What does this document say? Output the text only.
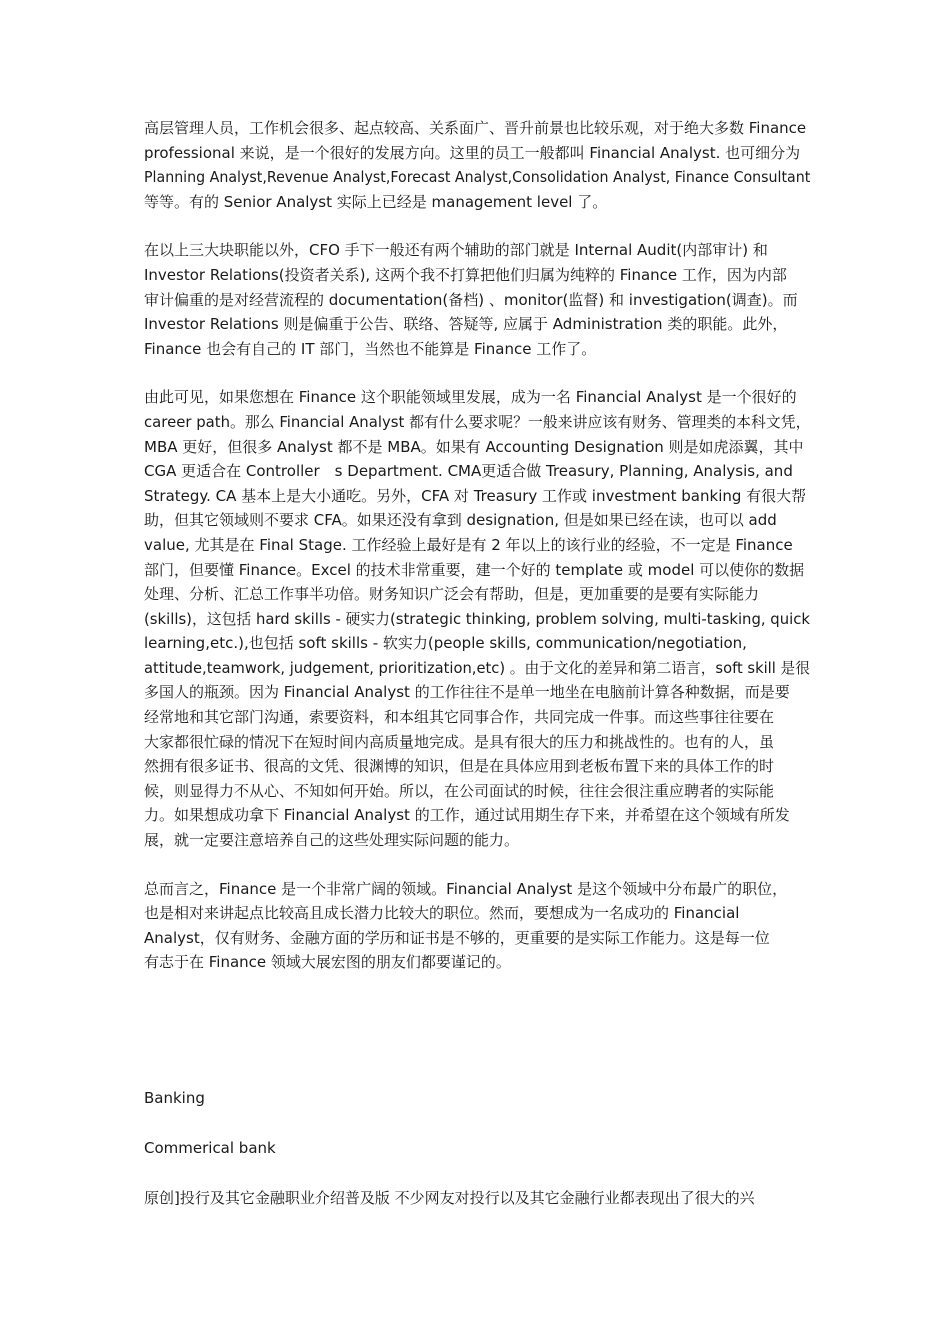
高层管理人员，工作机会很多、起点较高、关系面广、晋升前景也比较乐观，对于绝大多数 Finance
professional 来说，是一个很好的发展方向。这里的员工一般都叫 Financial Analyst. 也可细分为
Planning Analyst,Revenue Analyst,Forecast Analyst,Consolidation Analyst, Finance Consultant
等等。有的 Senior Analyst 实际上已经是 management level 了。

在以上三大块职能以外，CFO 手下一般还有两个辅助的部门就是 Internal Audit(内部审计) 和
Investor Relations(投资者关系), 这两个我不打算把他们归属为纯粹的 Finance 工作，因为内部
审计偏重的是对经营流程的 documentation(备档) 、monitor(监督) 和 investigation(调查)。而
Investor Relations 则是偏重于公告、联络、答疑等, 应属于 Administration 类的职能。此外，
Finance 也会有自己的 IT 部门，当然也不能算是 Finance 工作了。

由此可见，如果您想在 Finance 这个职能领域里发展，成为一名 Financial Analyst 是一个很好的
career path。那么 Financial Analyst 都有什么要求呢？一般来讲应该有财务、管理类的本科文凭，
MBA 更好，但很多 Analyst 都不是 MBA。如果有 Accounting Designation 则是如虎添翼，其中
CGA 更适合在 Controller　s Department. CMA更适合做 Treasury, Planning, Analysis, and
Strategy. CA 基本上是大小通吃。另外，CFA 对 Treasury 工作或 investment banking 有很大帮
助，但其它领域则不要求 CFA。如果还没有拿到 designation, 但是如果已经在读，也可以 add
value, 尤其是在 Final Stage. 工作经验上最好是有 2 年以上的该行业的经验，不一定是 Finance
部门，但要懂 Finance。Excel 的技术非常重要，建一个好的 template 或 model 可以使你的数据
处理、分析、汇总工作事半功倍。财务知识广泛会有帮助，但是，更加重要的是要有实际能力
(skills)，这包括 hard skills - 硬实力(strategic thinking, problem solving, multi-tasking, quick
learning,etc.),也包括 soft skills - 软实力(people skills, communication/negotiation,
attitude,teamwork, judgement, prioritization,etc) 。由于文化的差异和第二语言，soft skill 是很
多国人的瓶颈。因为 Financial Analyst 的工作往往不是单一地坐在电脑前计算各种数据，而是要
经常地和其它部门沟通，索要资料，和本组其它同事合作，共同完成一件事。而这些事往往要在
大家都很忙碌的情况下在短时间内高质量地完成。是具有很大的压力和挑战性的。也有的人，虽
然拥有很多证书、很高的文凭、很渊博的知识，但是在具体应用到老板布置下来的具体工作的时
候，则显得力不从心、不知如何开始。所以，在公司面试的时候，往往会很注重应聘者的实际能
力。如果想成功拿下 Financial Analyst 的工作，通过试用期生存下来，并希望在这个领域有所发
展，就一定要注意培养自己的这些处理实际问题的能力。

总而言之，Finance 是一个非常广阔的领域。Financial Analyst 是这个领域中分布最广的职位，
也是相对来讲起点比较高且成长潜力比较大的职位。然而，要想成为一名成功的 Financial
Analyst，仅有财务、金融方面的学历和证书是不够的，更重要的是实际工作能力。这是每一位
有志于在 Finance 领域大展宏图的朋友们都要谨记的。

Banking
Commerical bank
原创]投行及其它金融职业介绍普及版 不少网友对投行以及其它金融行业都表现出了很大的兴
